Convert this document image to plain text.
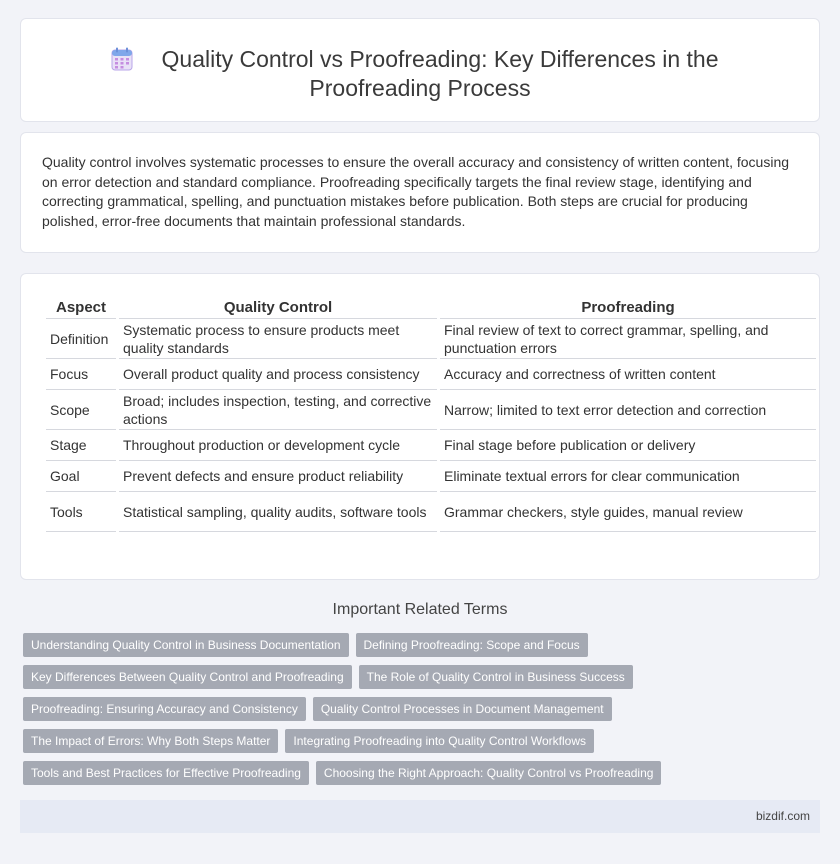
Quality Control vs Proofreading: Key Differences in the
Proofreading Process

Quality control involves systematic processes to ensure the overall accuracy and consistency of written content, focusing on error detection and standard compliance. Proofreading specifically targets the final review stage, identifying and correcting grammatical, spelling, and punctuation mistakes before publication. Both steps are crucial for producing polished, error-free documents that maintain professional standards.

Aspect	Quality Control	Proofreading
Definition	Systematic process to ensure products meet quality standards	Final review of text to correct grammar, spelling, and punctuation errors
Focus	Overall product quality and process consistency	Accuracy and correctness of written content
Scope	Broad; includes inspection, testing, and corrective actions	Narrow; limited to text error detection and correction
Stage	Throughout production or development cycle	Final stage before publication or delivery
Goal	Prevent defects and ensure product reliability	Eliminate textual errors for clear communication
Tools	Statistical sampling, quality audits, software tools	Grammar checkers, style guides, manual review
Important Related Terms
Understanding Quality Control in Business Documentation	Defining Proofreading: Scope and Focus
Key Differences Between Quality Control and Proofreading	The Role of Quality Control in Business Success
Proofreading: Ensuring Accuracy and Consistency	Quality Control Processes in Document Management
The Impact of Errors: Why Both Steps Matter	Integrating Proofreading into Quality Control Workflows
Tools and Best Practices for Effective Proofreading	Choosing the Right Approach: Quality Control vs Proofreading
bizdif.com
